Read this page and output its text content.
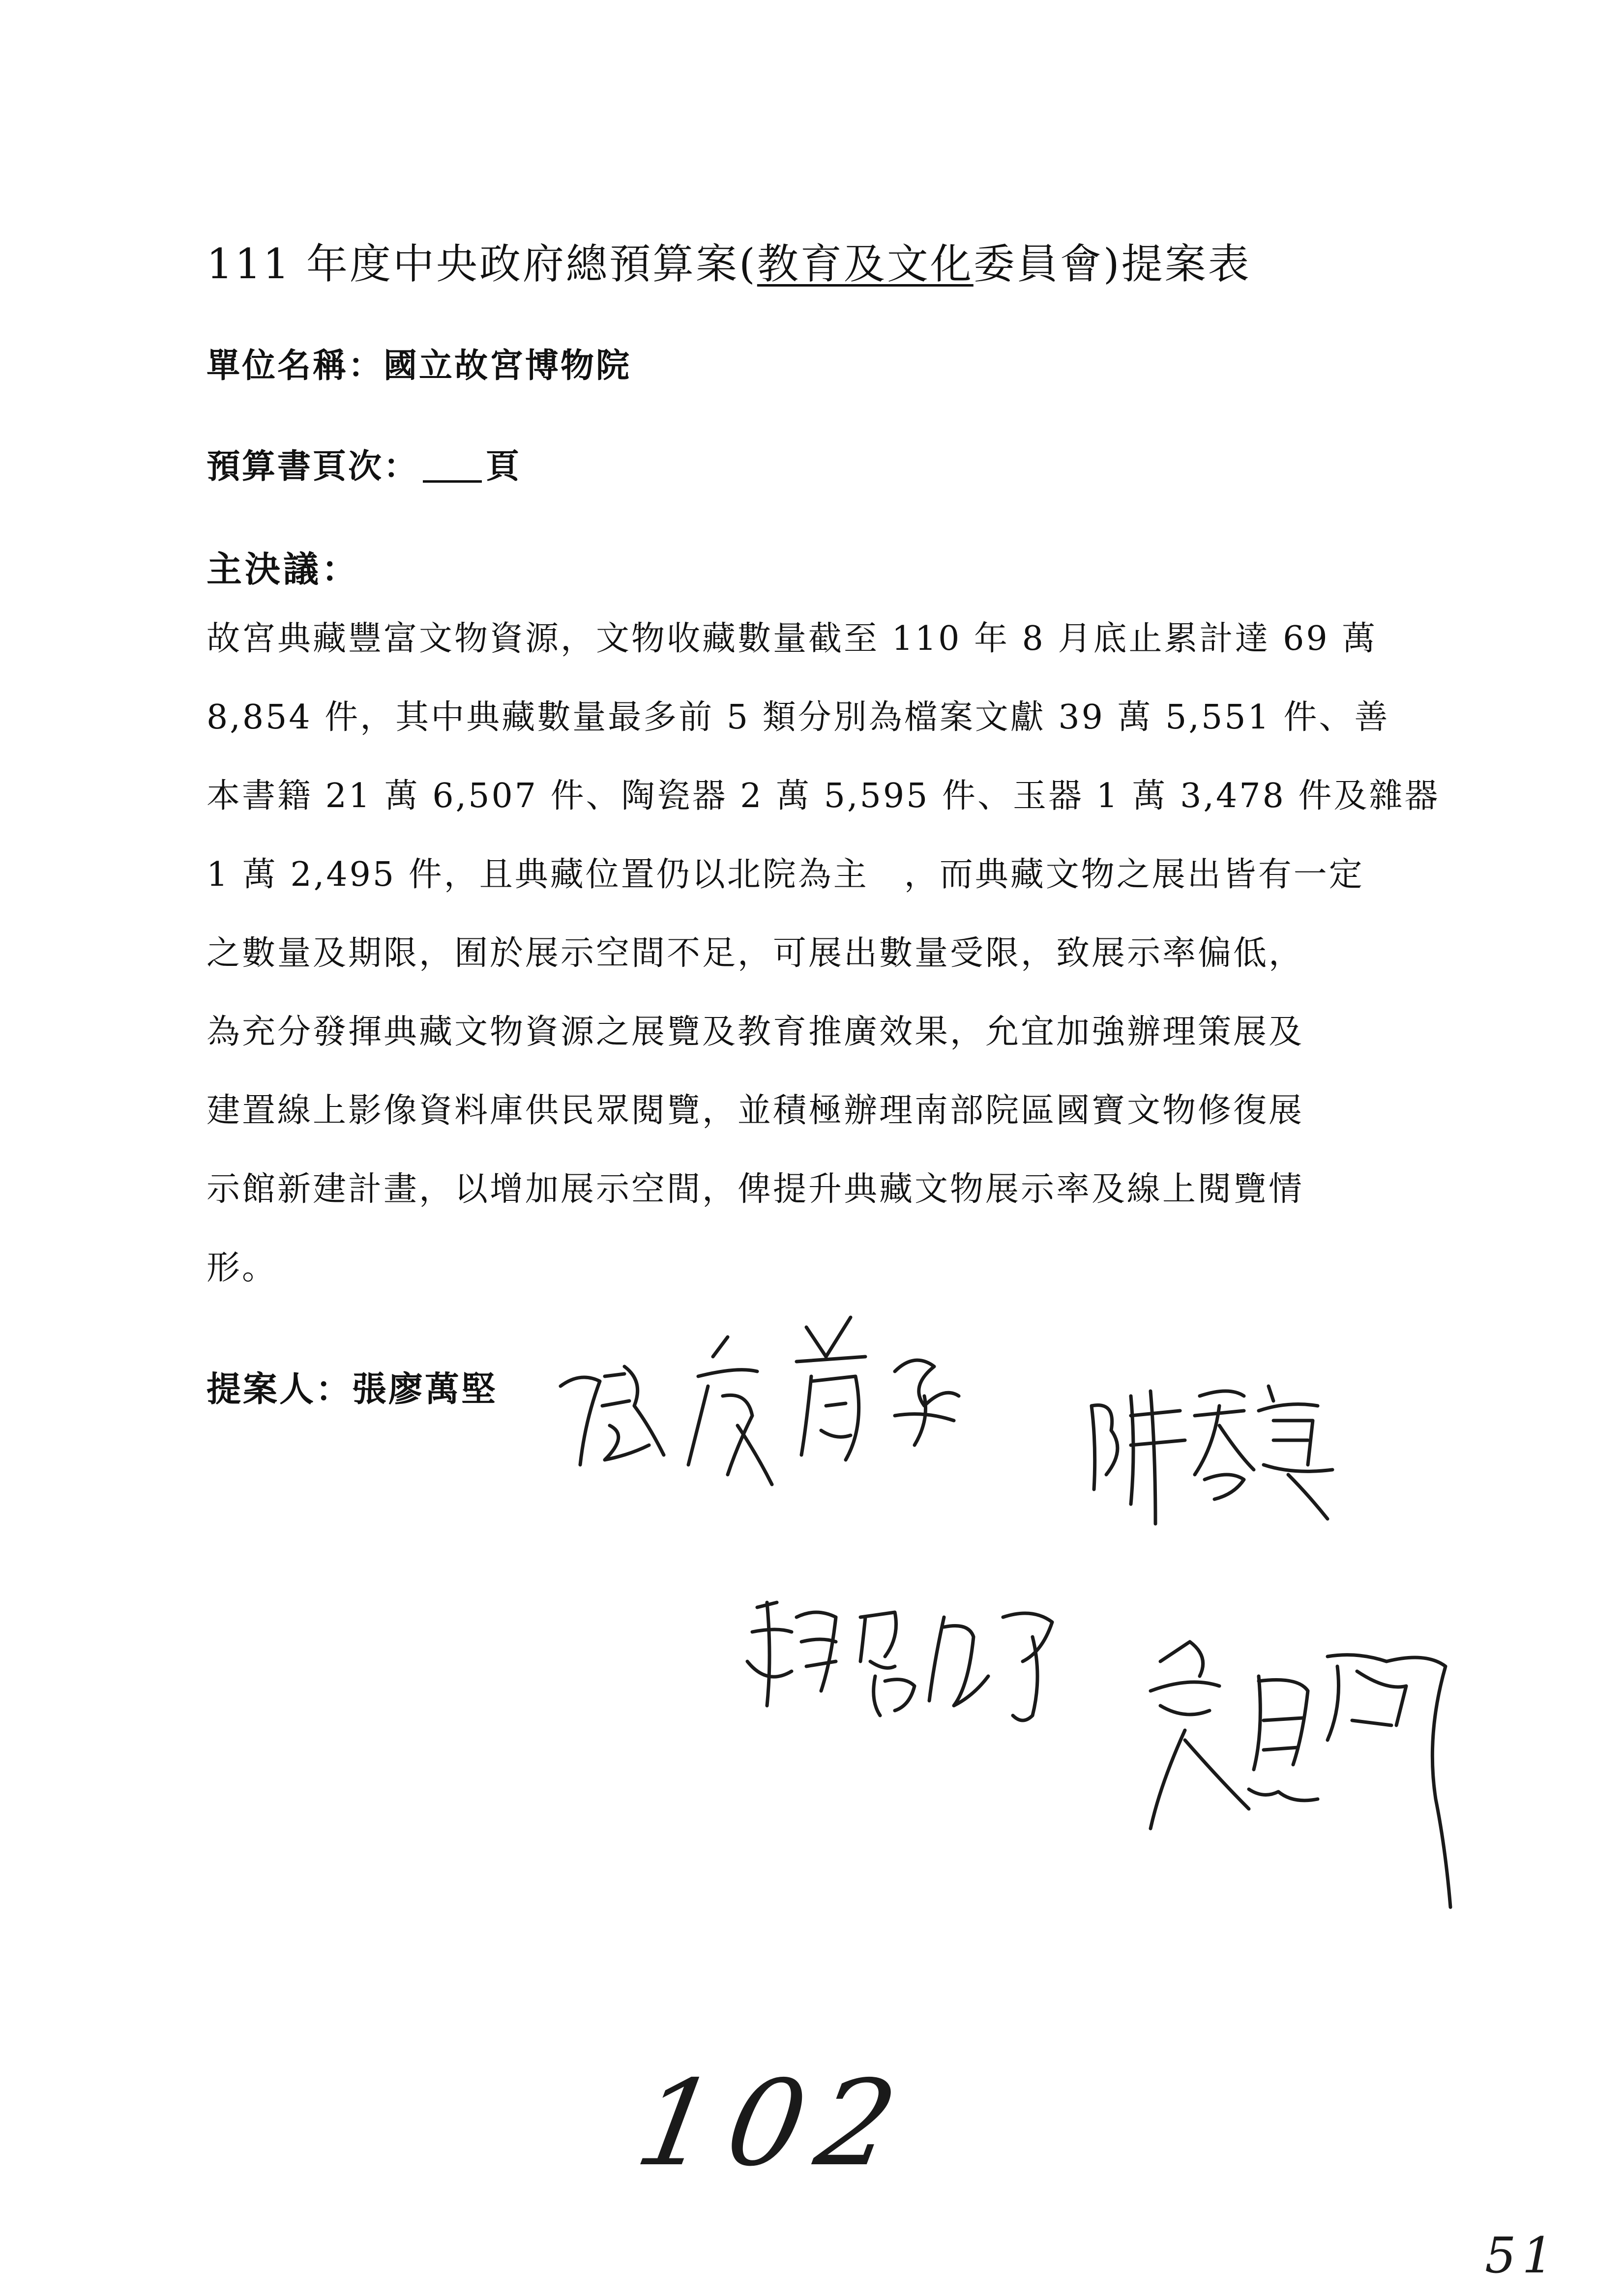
111 年度中央政府總預算案(教育及文化委員會)提案表
單位名稱：國立故宮博物院
預算書頁次： 頁
主決議：
故宮典藏豐富文物資源，文物收藏數量截至 110 年 8 月底止累計達 69 萬
8,854 件，其中典藏數量最多前 5 類分別為檔案文獻 39 萬 5,551 件、善
本書籍 21 萬 6,507 件、陶瓷器 2 萬 5,595 件、玉器 1 萬 3,478 件及雜器
1 萬 2,495 件，且典藏位置仍以北院為主　，而典藏文物之展出皆有一定
之數量及期限，囿於展示空間不足，可展出數量受限，致展示率偏低，
為充分發揮典藏文物資源之展覽及教育推廣效果，允宜加強辦理策展及
建置線上影像資料庫供民眾閱覽，並積極辦理南部院區國寶文物修復展
示館新建計畫，以增加展示空間，俾提升典藏文物展示率及線上閱覽情
形。
提案人：張廖萬堅
102
51
